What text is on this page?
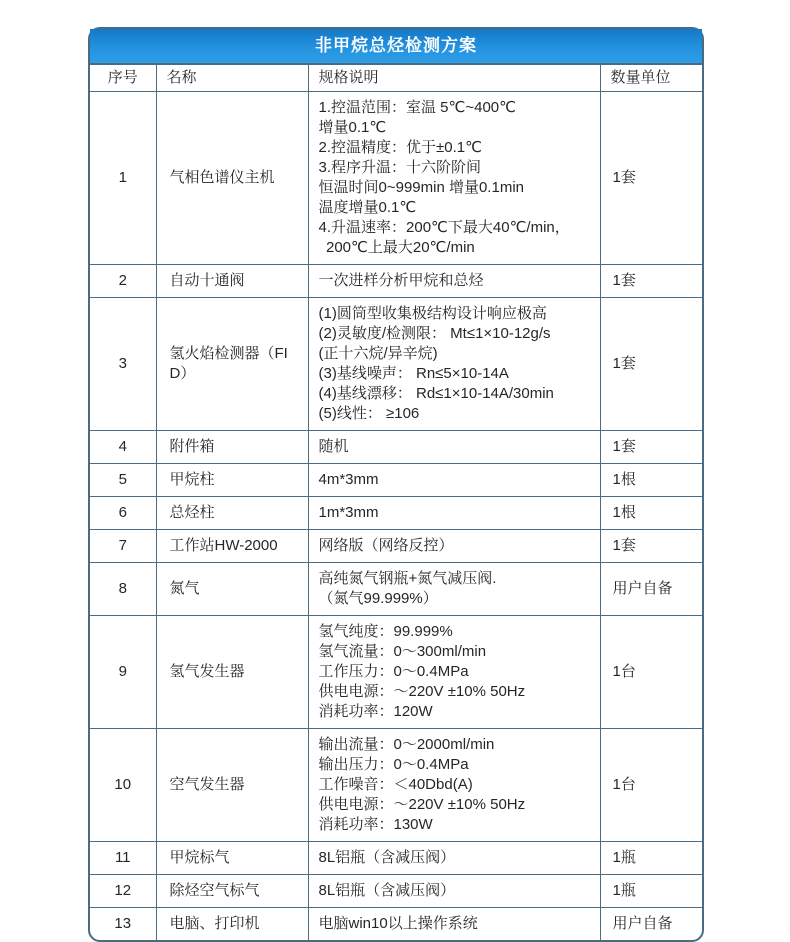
非甲烷总烃检测方案
序号	名称	规格说明	数量单位
1	气相色谱仪主机	
1.控温范围：室温 5℃~400℃
增量0.1℃
2.控温精度：优于±0.1℃
3.程序升温：十六阶阶间
恒温时间0~999min 增量0.1min
温度增量0.1℃
4.升温速率：200℃下最大40℃/min，
 200℃上最大20℃/min
	1套
2	自动十通阀	一次进样分析甲烷和总烃	1套
3	氢火焰检测器（FID）	
(1)圆筒型收集极结构设计响应极高
(2)灵敏度/检测限： Mt≤1×10-12g/s
(正十六烷/异辛烷)
(3)基线噪声： Rn≤5×10-14A
(4)基线漂移： Rd≤1×10-14A/30min
(5)线性： ≥106
	1套
4	附件箱	随机	1套
5	甲烷柱	4m*3mm	1根
6	总烃柱	1m*3mm	1根
7	工作站HW-2000	网络版（网络反控）	1套
8	氮气	高纯氮气钢瓶+氮气减压阀.
（氮气99.999%）	用户自备
9	氢气发生器	氢气纯度：99.999%
氢气流量：0～300ml/min
工作压力：0～0.4MPa
供电电源：～220V ±10% 50Hz
消耗功率：120W	1台
10	空气发生器	输出流量：0～2000ml/min
输出压力：0～0.4MPa
工作噪音：＜40Dbd(A)
供电电源：～220V ±10% 50Hz
消耗功率：130W	1台
11	甲烷标气	8L铝瓶（含减压阀）	1瓶
12	除烃空气标气	8L铝瓶（含减压阀）	1瓶
13	电脑、打印机	电脑win10以上操作系统	用户自备
